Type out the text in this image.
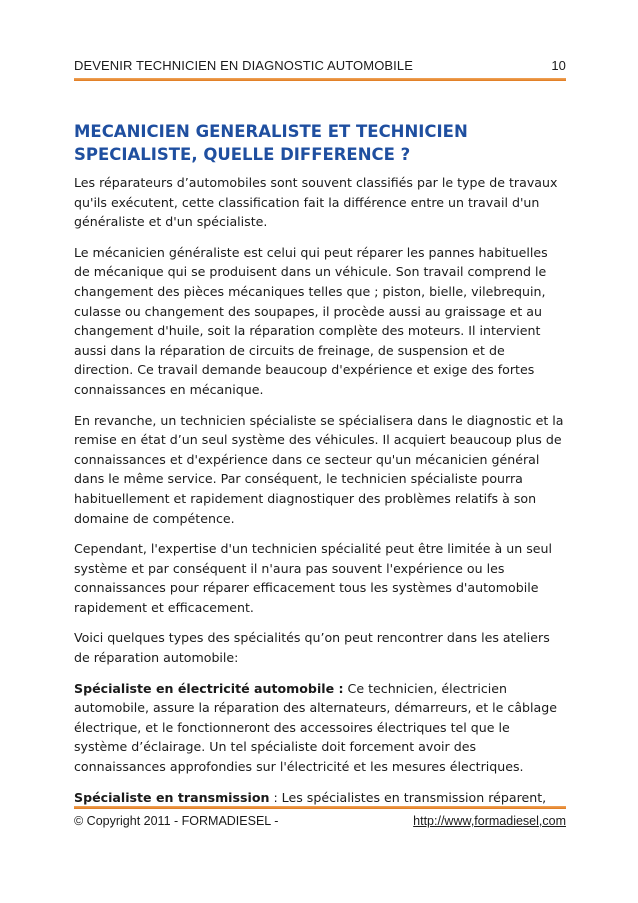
DEVENIR TECHNICIEN EN DIAGNOSTIC AUTOMOBILE	10
MECANICIEN GENERALISTE ET TECHNICIEN SPECIALISTE, QUELLE DIFFERENCE ?

Les réparateurs d’automobiles sont souvent classifiés par le type de travaux qu'ils exécutent, cette classification fait la différence entre un travail d'un généraliste et d'un spécialiste.

Le mécanicien généraliste est celui qui peut réparer les pannes habituelles de mécanique qui se produisent dans un véhicule. Son travail comprend le changement des pièces mécaniques telles que ; piston, bielle, vilebrequin, culasse ou changement des soupapes, il procède aussi au graissage et au changement d'huile, soit la réparation complète des moteurs. Il intervient aussi dans la réparation de circuits de freinage, de suspension et de direction. Ce travail demande beaucoup d'expérience et exige des fortes connaissances en mécanique.

En revanche, un technicien spécialiste se spécialisera dans le diagnostic et la remise en état d’un seul système des véhicules. Il acquiert beaucoup plus de connaissances et d'expérience dans ce secteur qu'un mécanicien général dans le même service. Par conséquent, le technicien spécialiste pourra habituellement et rapidement diagnostiquer des problèmes relatifs à son domaine de compétence.

Cependant, l'expertise d'un technicien spécialité peut être limitée à un seul système et par conséquent il n'aura pas souvent l'expérience ou les connaissances pour réparer efficacement tous les systèmes d'automobile rapidement et efficacement.

Voici quelques types des spécialités qu’on peut rencontrer dans les ateliers de réparation automobile:

Spécialiste en électricité automobile : Ce technicien, électricien automobile, assure la réparation des alternateurs, démarreurs, et le câblage électrique, et le fonctionneront des accessoires électriques tel que le système d’éclairage. Un tel spécialiste doit forcement avoir des connaissances approfondies sur l'électricité et les mesures électriques.

Spécialiste en transmission : Les spécialistes en transmission réparent,

© Copyright 2011 - FORMADIESEL -	http://www,formadiesel,com
